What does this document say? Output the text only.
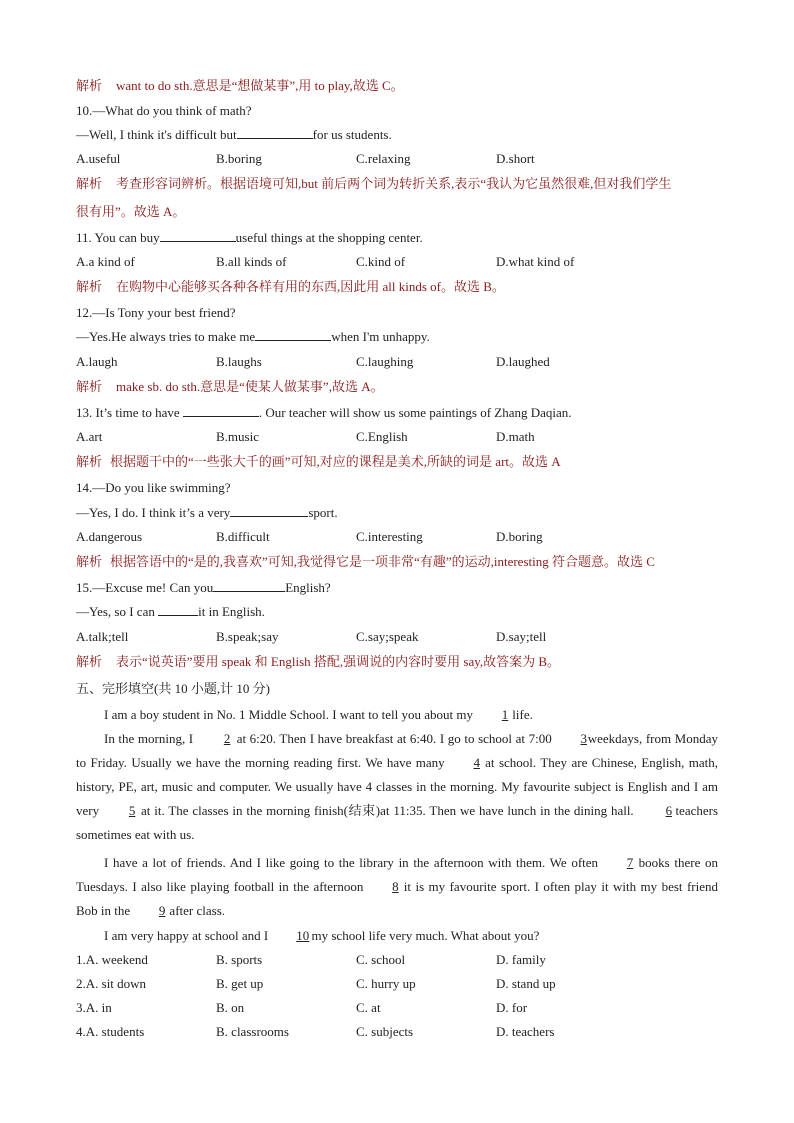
解析 want to do sth.意思是“想做某事”,用 to play,故选 C。
10.—What do you think of math?
—Well, I think it's difficult but	for us students.
A.useful	B.boring	C.relaxing	D.short
解析 考查形容词辨析。根据语境可知,but 前后两个词为转折关系,表示“我认为它虽然很难,但对我们学生
很有用”。故选 A。
11. You can buy	useful things at the shopping center.
A.a kind of	B.all kinds of	C.kind of	D.what kind of
解析 在购物中心能够买各种各样有用的东西,因此用 all kinds of。故选 B。
12.—Is Tony your best friend?
—Yes.He always tries to make me	when I'm unhappy.
A.laugh	B.laughs	C.laughing	D.laughed
解析 make sb. do sth.意思是“使某人做某事”,故选 A。
13. It’s time to have	. Our teacher will show us some paintings of Zhang Daqian.
A.art	B.music	C.English	D.math
解析 根据题干中的“一些张大千的画”可知,对应的课程是美术,所缺的词是 art。故选 A
14.—Do you like swimming?
—Yes, I do. I think it’s a very	sport.
A.dangerous	B.difficult	C.interesting	D.boring
解析 根据答语中的“是的,我喜欢”可知,我觉得它是一项非常“有趣”的运动,interesting 符合题意。故选 C
15.—Excuse me! Can you	English?
—Yes, so I can	it in English.
A.talk;tell	B.speak;say	C.say;speak	D.say;tell
解析 表示“说英语”要用 speak 和 English 搭配,强调说的内容时要用 say,故答案为 B。
五、完形填空(共 10 小题,计 10 分)
I am a boy student in No. 1 Middle School. I want to tell you about my 1 life.
In the morning, I 2 at 6:20. Then I have breakfast at 6:40. I go to school at 7:00 3weekdays, from Monday to Friday. Usually we have the morning reading first. We have many 4 at school. They are Chinese, English, math, history, PE, art, music and computer. We usually have 4 classes in the morning. My favourite subject is English and I am very 5 at it. The classes in the morning finish(结束)at 11:35. Then we have lunch in the dining hall. 6 teachers sometimes eat with us.
I have a lot of friends. And I like going to the library in the afternoon with them. We often 7 books there on Tuesdays. I also like playing football in the afternoon 8 it is my favourite sport. I often play it with my best friend Bob in the 9 after class.
I am very happy at school and I 10 my school life very much. What about you?
1.A. weekend	B. sports	C. school	D. family
2.A. sit down	B. get up	C. hurry up	D. stand up
3.A. in	B. on	C. at	D. for
4.A. students	B. classrooms	C. subjects	D. teachers
